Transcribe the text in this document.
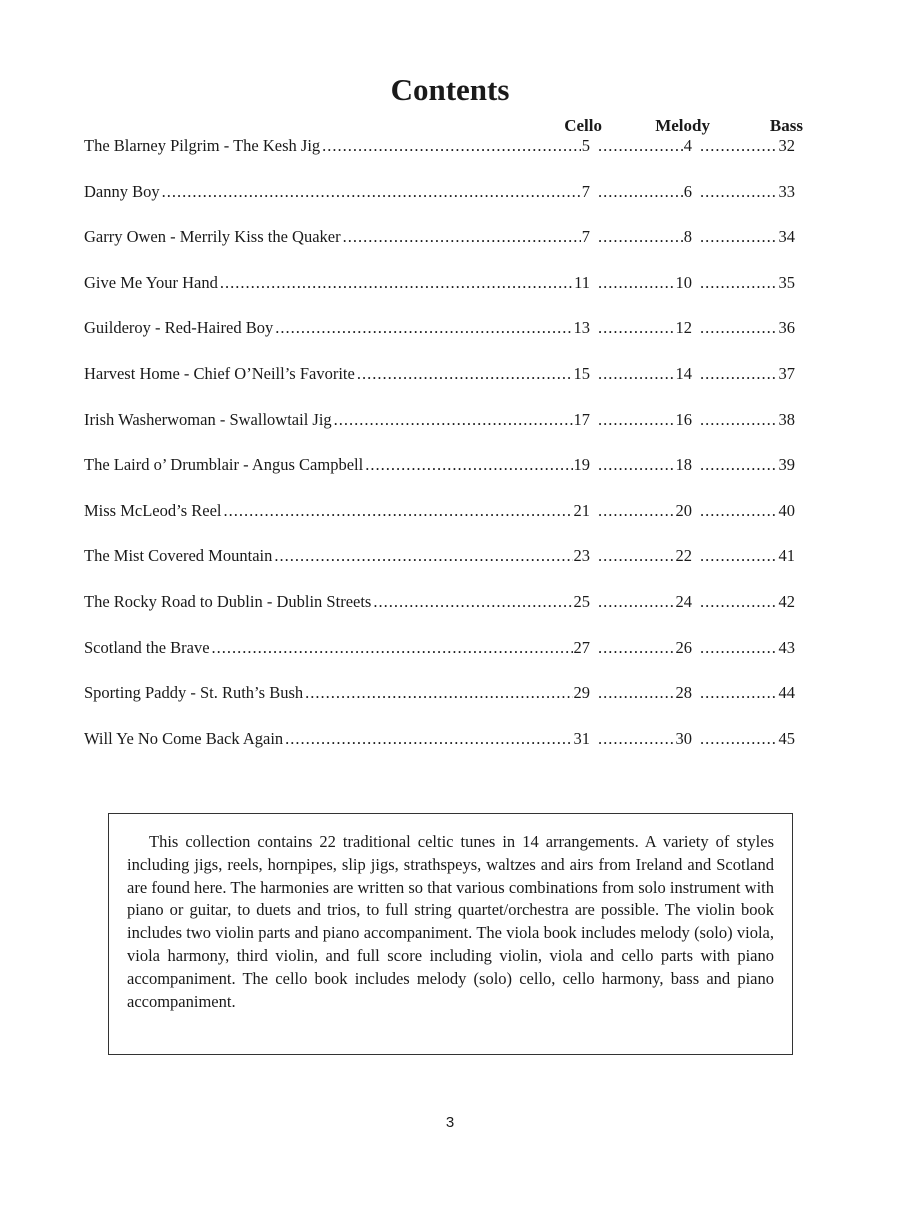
Contents
Cello	Melody	Bass
The Blarney Pilgrim - The Kesh Jig .....	5 .....	4 .....	32
Danny Boy .....	7 .....	6 .....	33
Garry Owen - Merrily Kiss the Quaker .....	7 .....	8 .....	34
Give Me Your Hand .....	11 .....	10 .....	35
Guilderoy - Red-Haired Boy .....	13 .....	12 .....	36
Harvest Home - Chief O’Neill’s Favorite .....	15 .....	14 .....	37
Irish Washerwoman - Swallowtail Jig .....	17 .....	16 .....	38
The Laird o’ Drumblair - Angus Campbell .....	19 .....	18 .....	39
Miss McLeod’s Reel .....	21 .....	20 .....	40
The Mist Covered Mountain .....	23 .....	22 .....	41
The Rocky Road to Dublin - Dublin Streets .....	25 .....	24 .....	42
Scotland the Brave .....	27 .....	26 .....	43
Sporting Paddy - St. Ruth’s Bush .....	29 .....	28 .....	44
Will Ye No Come Back Again .....	31 .....	30 .....	45

This collection contains 22 traditional celtic tunes in 14 arrangements. A variety of styles including jigs, reels, hornpipes, slip jigs, strathspeys, waltzes and airs from Ireland and Scotland are found here. The harmonies are written so that various combinations from solo instrument with piano or guitar, to duets and trios, to full string quartet/orchestra are possible. The violin book includes two violin parts and piano accompaniment. The viola book includes melody (solo) viola, viola harmony, third violin, and full score including violin, viola and cello parts with piano accompaniment. The cello book includes melody (solo) cello, cello harmony, bass and piano accompaniment.

3
